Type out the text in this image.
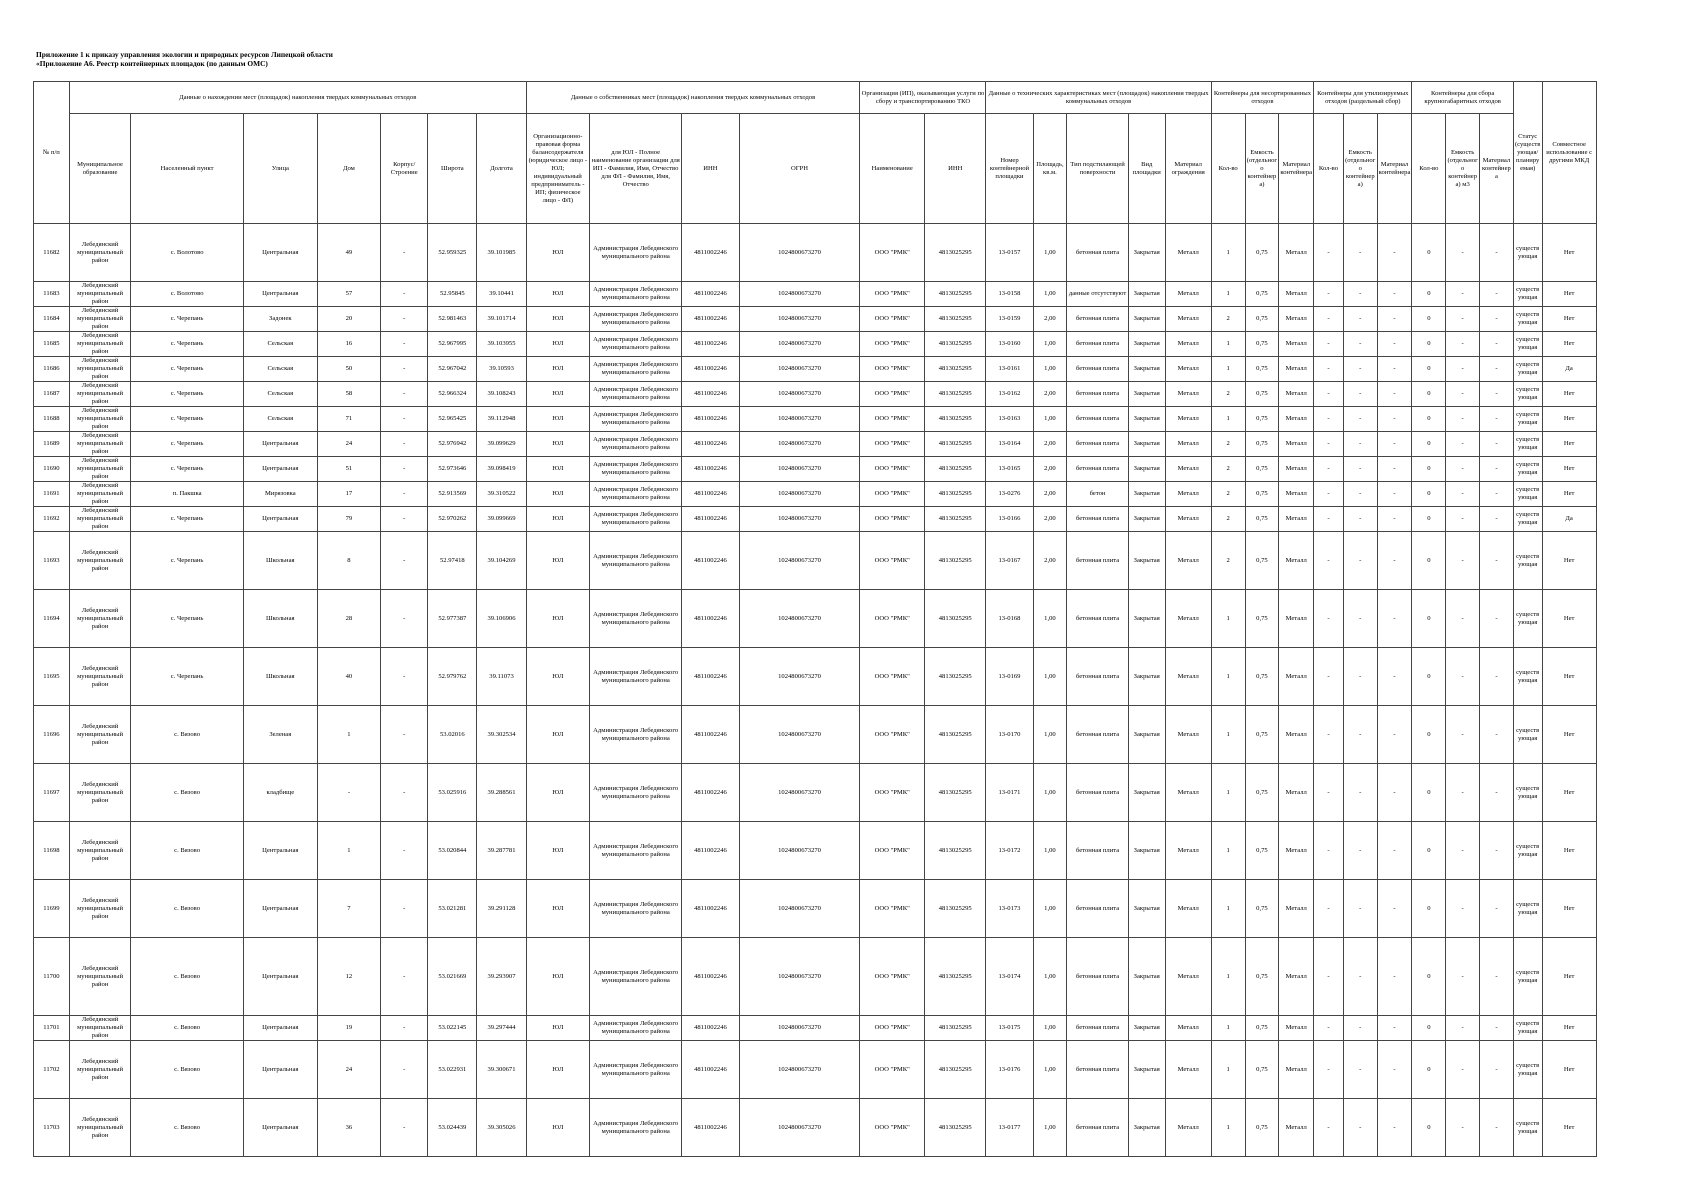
Приложение 1 к приказу управления экологии и природных ресурсов Липецкой области
«Приложение А6. Реестр контейнерных площадок (по данным ОМС)
№ п/п	Данные о нахождении мест (площадок) накопления твердых коммунальных отходов							Данные о собственниках мест (площадок) накопления твердых коммунальных отходов				Организация (ИП), оказывающая услуги по сбору и транспортированию ТКО		Данные о технических характеристиках мест (площадок) накопления твердых коммунальных отходов					Контейнеры для несортированных отходов			Контейнеры для утилизируемых отходов (раздельный сбор)			Контейнеры для сбора крупногабаритных отходов			Статус (существующая/ планируемая)	Совместное использование с другими МКД
	Муниципальное образование	Населенный пункт	Улица	Дом	Корпус/Строение	Широта	Долгота	Организационно-правовая форма балансодержателя (юридическое лицо - ЮЛ; индивидуальный предприниматель - ИП; физическое лицо - ФЛ)	для ЮЛ - Полное наименование организации для ИП - Фамилия, Имя, Отчество для ФЛ - Фамилия, Имя, Отчество	ИНН	ОГРН	Наименование	ИНН	Номер контейнерной площадки	Площадь, кв.м.	Тип подстилающей поверхности	Вид площадки	Материал ограждения	Кол-во	Емкость (отдельного контейнера)	Материал контейнера	Кол-во	Емкость (отдельного контейнера)	Материал контейнера	Кол-во	Емкость (отдельного контейнера) м3	Материал контейнера		
11682	Лебедянский муниципальный район	с. Волотово	Центральная	49	-	52.959325	39.101985	ЮЛ	Администрация Лебедянского муниципального района	4811002246	1024800673270	ООО "РМК"	4813025295	13-0157	1,00	бетонная плита	Закрытая	Металл	1	0,75	Металл	-	-	-	0	-	-	существующая	Нет
11683	Лебедянский муниципальный район	с. Волотово	Центральная	57	-	52.95845	39.10441	ЮЛ	Администрация Лебедянского муниципального района	4811002246	1024800673270	ООО "РМК"	4813025295	13-0158	1,00	данные отсутствуют	Закрытая	Металл	1	0,75	Металл	-	-	-	0	-	-	существующая	Нет
11684	Лебедянский муниципальный район	с. Черепань	Задонек	20	-	52.981463	39.101714	ЮЛ	Администрация Лебедянского муниципального района	4811002246	1024800673270	ООО "РМК"	4813025295	13-0159	2,00	бетонная плита	Закрытая	Металл	2	0,75	Металл	-	-	-	0	-	-	существующая	Нет
11685	Лебедянский муниципальный район	с. Черепань	Сельская	16	-	52.967995	39.103955	ЮЛ	Администрация Лебедянского муниципального района	4811002246	1024800673270	ООО "РМК"	4813025295	13-0160	1,00	бетонная плита	Закрытая	Металл	1	0,75	Металл	-	-	-	0	-	-	существующая	Нет
11686	Лебедянский муниципальный район	с. Черепань	Сельская	50	-	52.967042	39.10593	ЮЛ	Администрация Лебедянского муниципального района	4811002246	1024800673270	ООО "РМК"	4813025295	13-0161	1,00	бетонная плита	Закрытая	Металл	1	0,75	Металл	-	-	-	0	-	-	существующая	Да
11687	Лебедянский муниципальный район	с. Черепань	Сельская	58	-	52.966324	39.108243	ЮЛ	Администрация Лебедянского муниципального района	4811002246	1024800673270	ООО "РМК"	4813025295	13-0162	2,00	бетонная плита	Закрытая	Металл	2	0,75	Металл	-	-	-	0	-	-	существующая	Нет
11688	Лебедянский муниципальный район	с. Черепань	Сельская	71	-	52.965425	39.112948	ЮЛ	Администрация Лебедянского муниципального района	4811002246	1024800673270	ООО "РМК"	4813025295	13-0163	1,00	бетонная плита	Закрытая	Металл	1	0,75	Металл	-	-	-	0	-	-	существующая	Нет
11689	Лебедянский муниципальный район	с. Черепань	Центральная	24	-	52.976942	39.099629	ЮЛ	Администрация Лебедянского муниципального района	4811002246	1024800673270	ООО "РМК"	4813025295	13-0164	2,00	бетонная плита	Закрытая	Металл	2	0,75	Металл	-	-	-	0	-	-	существующая	Нет
11690	Лебедянский муниципальный район	с. Черепань	Центральная	51	-	52.973646	39.098419	ЮЛ	Администрация Лебедянского муниципального района	4811002246	1024800673270	ООО "РМК"	4813025295	13-0165	2,00	бетонная плита	Закрытая	Металл	2	0,75	Металл	-	-	-	0	-	-	существующая	Нет
11691	Лебедянский муниципальный район	п. Пакшка	Мирязовка	17	-	52.913569	39.310522	ЮЛ	Администрация Лебедянского муниципального района	4811002246	1024800673270	ООО "РМК"	4813025295	13-0276	2,00	бетон	Закрытая	Металл	2	0,75	Металл	-	-	-	0	-	-	существующая	Нет
11692	Лебедянский муниципальный район	с. Черепань	Центральная	79	-	52.970262	39.099669	ЮЛ	Администрация Лебедянского муниципального района	4811002246	1024800673270	ООО "РМК"	4813025295	13-0166	2,00	бетонная плита	Закрытая	Металл	2	0,75	Металл	-	-	-	0	-	-	существующая	Да
11693	Лебедянский муниципальный район	с. Черепань	Школьная	8	-	52.97418	39.104269	ЮЛ	Администрация Лебедянского муниципального района	4811002246	1024800673270	ООО "РМК"	4813025295	13-0167	2,00	бетонная плита	Закрытая	Металл	2	0,75	Металл	-	-	-	0	-	-	существующая	Нет
11694	Лебедянский муниципальный район	с. Черепань	Школьная	28	-	52.977387	39.106906	ЮЛ	Администрация Лебедянского муниципального района	4811002246	1024800673270	ООО "РМК"	4813025295	13-0168	1,00	бетонная плита	Закрытая	Металл	1	0,75	Металл	-	-	-	0	-	-	существующая	Нет
11695	Лебедянский муниципальный район	с. Черепань	Школьная	40	-	52.979762	39.11073	ЮЛ	Администрация Лебедянского муниципального района	4811002246	1024800673270	ООО "РМК"	4813025295	13-0169	1,00	бетонная плита	Закрытая	Металл	1	0,75	Металл	-	-	-	0	-	-	существующая	Нет
11696	Лебедянский муниципальный район	с. Вязово	Зеленая	1	-	53.02016	39.302534	ЮЛ	Администрация Лебедянского муниципального района	4811002246	1024800673270	ООО "РМК"	4813025295	13-0170	1,00	бетонная плита	Закрытая	Металл	1	0,75	Металл	-	-	-	0	-	-	существующая	Нет
11697	Лебедянский муниципальный район	с. Вязово	кладбище	-	-	53.025916	39.288561	ЮЛ	Администрация Лебедянского муниципального района	4811002246	1024800673270	ООО "РМК"	4813025295	13-0171	1,00	бетонная плита	Закрытая	Металл	1	0,75	Металл	-	-	-	0	-	-	существующая	Нет
11698	Лебедянский муниципальный район	с. Вязово	Центральная	1	-	53.020844	39.287781	ЮЛ	Администрация Лебедянского муниципального района	4811002246	1024800673270	ООО "РМК"	4813025295	13-0172	1,00	бетонная плита	Закрытая	Металл	1	0,75	Металл	-	-	-	0	-	-	существующая	Нет
11699	Лебедянский муниципальный район	с. Вязово	Центральная	7	-	53.021281	39.291128	ЮЛ	Администрация Лебедянского муниципального района	4811002246	1024800673270	ООО "РМК"	4813025295	13-0173	1,00	бетонная плита	Закрытая	Металл	1	0,75	Металл	-	-	-	0	-	-	существующая	Нет
11700	Лебедянский муниципальный район	с. Вязово	Центральная	12	-	53.021669	39.293907	ЮЛ	Администрация Лебедянского муниципального района	4811002246	1024800673270	ООО "РМК"	4813025295	13-0174	1,00	бетонная плита	Закрытая	Металл	1	0,75	Металл	-	-	-	0	-	-	существующая	Нет
11701	Лебедянский муниципальный район	с. Вязово	Центральная	19	-	53.022145	39.297444	ЮЛ	Администрация Лебедянского муниципального района	4811002246	1024800673270	ООО "РМК"	4813025295	13-0175	1,00	бетонная плита	Закрытая	Металл	1	0,75	Металл	-	-	-	0	-	-	существующая	Нет
11702	Лебедянский муниципальный район	с. Вязово	Центральная	24	-	53.022931	39.300671	ЮЛ	Администрация Лебедянского муниципального района	4811002246	1024800673270	ООО "РМК"	4813025295	13-0176	1,00	бетонная плита	Закрытая	Металл	1	0,75	Металл	-	-	-	0	-	-	существующая	Нет
11703	Лебедянский муниципальный район	с. Вязово	Центральная	36	-	53.024439	39.305026	ЮЛ	Администрация Лебедянского муниципального района	4811002246	1024800673270	ООО "РМК"	4813025295	13-0177	1,00	бетонная плита	Закрытая	Металл	1	0,75	Металл	-	-	-	0	-	-	существующая	Нет
